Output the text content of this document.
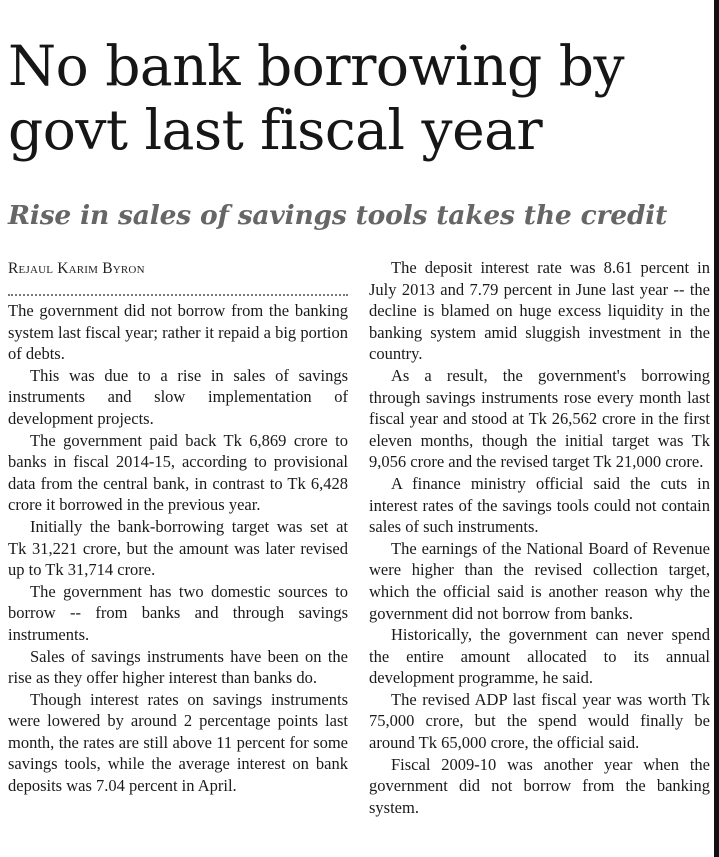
No bank borrowing by govt last fiscal year
Rise in sales of savings tools takes the credit
Rejaul Karim Byron

The government did not borrow from the banking system last fiscal year; rather it repaid a big portion of debts.

This was due to a rise in sales of savings instruments and slow implementation of development projects.

The government paid back Tk 6,869 crore to banks in fiscal 2014-15, according to provisional data from the central bank, in contrast to Tk 6,428 crore it borrowed in the previous year.

Initially the bank-borrowing target was set at Tk 31,221 crore, but the amount was later revised up to Tk 31,714 crore.

The government has two domestic sources to borrow -- from banks and through savings instruments.

Sales of savings instruments have been on the rise as they offer higher interest than banks do.

Though interest rates on savings instruments were lowered by around 2 percentage points last month, the rates are still above 11 percent for some savings tools, while the average interest on bank deposits was 7.04 percent in April.

The deposit interest rate was 8.61 percent in July 2013 and 7.79 percent in June last year -- the decline is blamed on huge excess liquidity in the banking system amid sluggish investment in the country.

As a result, the government's borrowing through savings instruments rose every month last fiscal year and stood at Tk 26,562 crore in the first eleven months, though the initial target was Tk 9,056 crore and the revised target Tk 21,000 crore.

A finance ministry official said the cuts in interest rates of the savings tools could not contain sales of such instruments.

The earnings of the National Board of Revenue were higher than the revised collection target, which the official said is another reason why the government did not borrow from banks.

Historically, the government can never spend the entire amount allocated to its annual development programme, he said.

The revised ADP last fiscal year was worth Tk 75,000 crore, but the spend would finally be around Tk 65,000 crore, the official said.

Fiscal 2009-10 was another year when the government did not borrow from the banking system.
